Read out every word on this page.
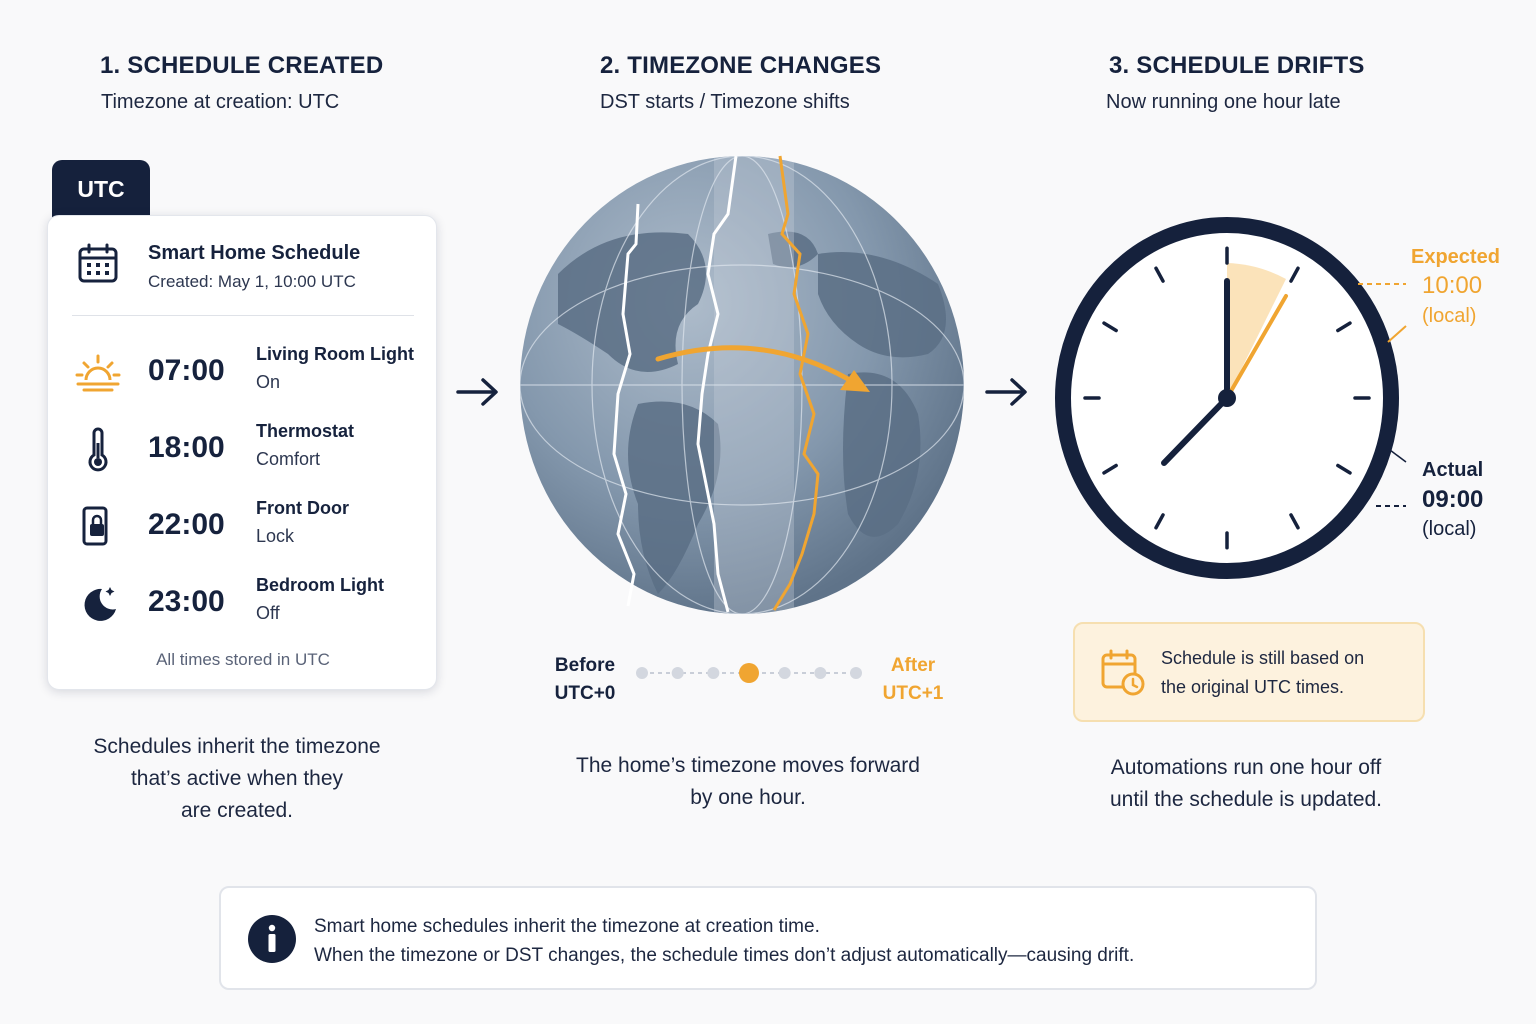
1. SCHEDULE CREATED
Timezone at creation: UTC
2. TIMEZONE CHANGES
DST starts / Timezone shifts
3. SCHEDULE DRIFTS
Now running one hour late
UTC
Smart Home Schedule
Created: May 1, 10:00 UTC
07:00 Living Room Light
On
18:00 Thermostat
Comfort
22:00 Front Door
Lock
23:00 Bedroom Light
Off
All times stored in UTC
Schedules inherit the timezone
that’s active when they
are created.
Before
UTC+0
After
UTC+1
The home’s timezone moves forward
by one hour.
Expected
10:00
(local)
Actual
09:00
(local)
Schedule is still based on
the original UTC times.
Automations run one hour off
until the schedule is updated.
Smart home schedules inherit the timezone at creation time.
When the timezone or DST changes, the schedule times don’t adjust automatically—causing drift.
